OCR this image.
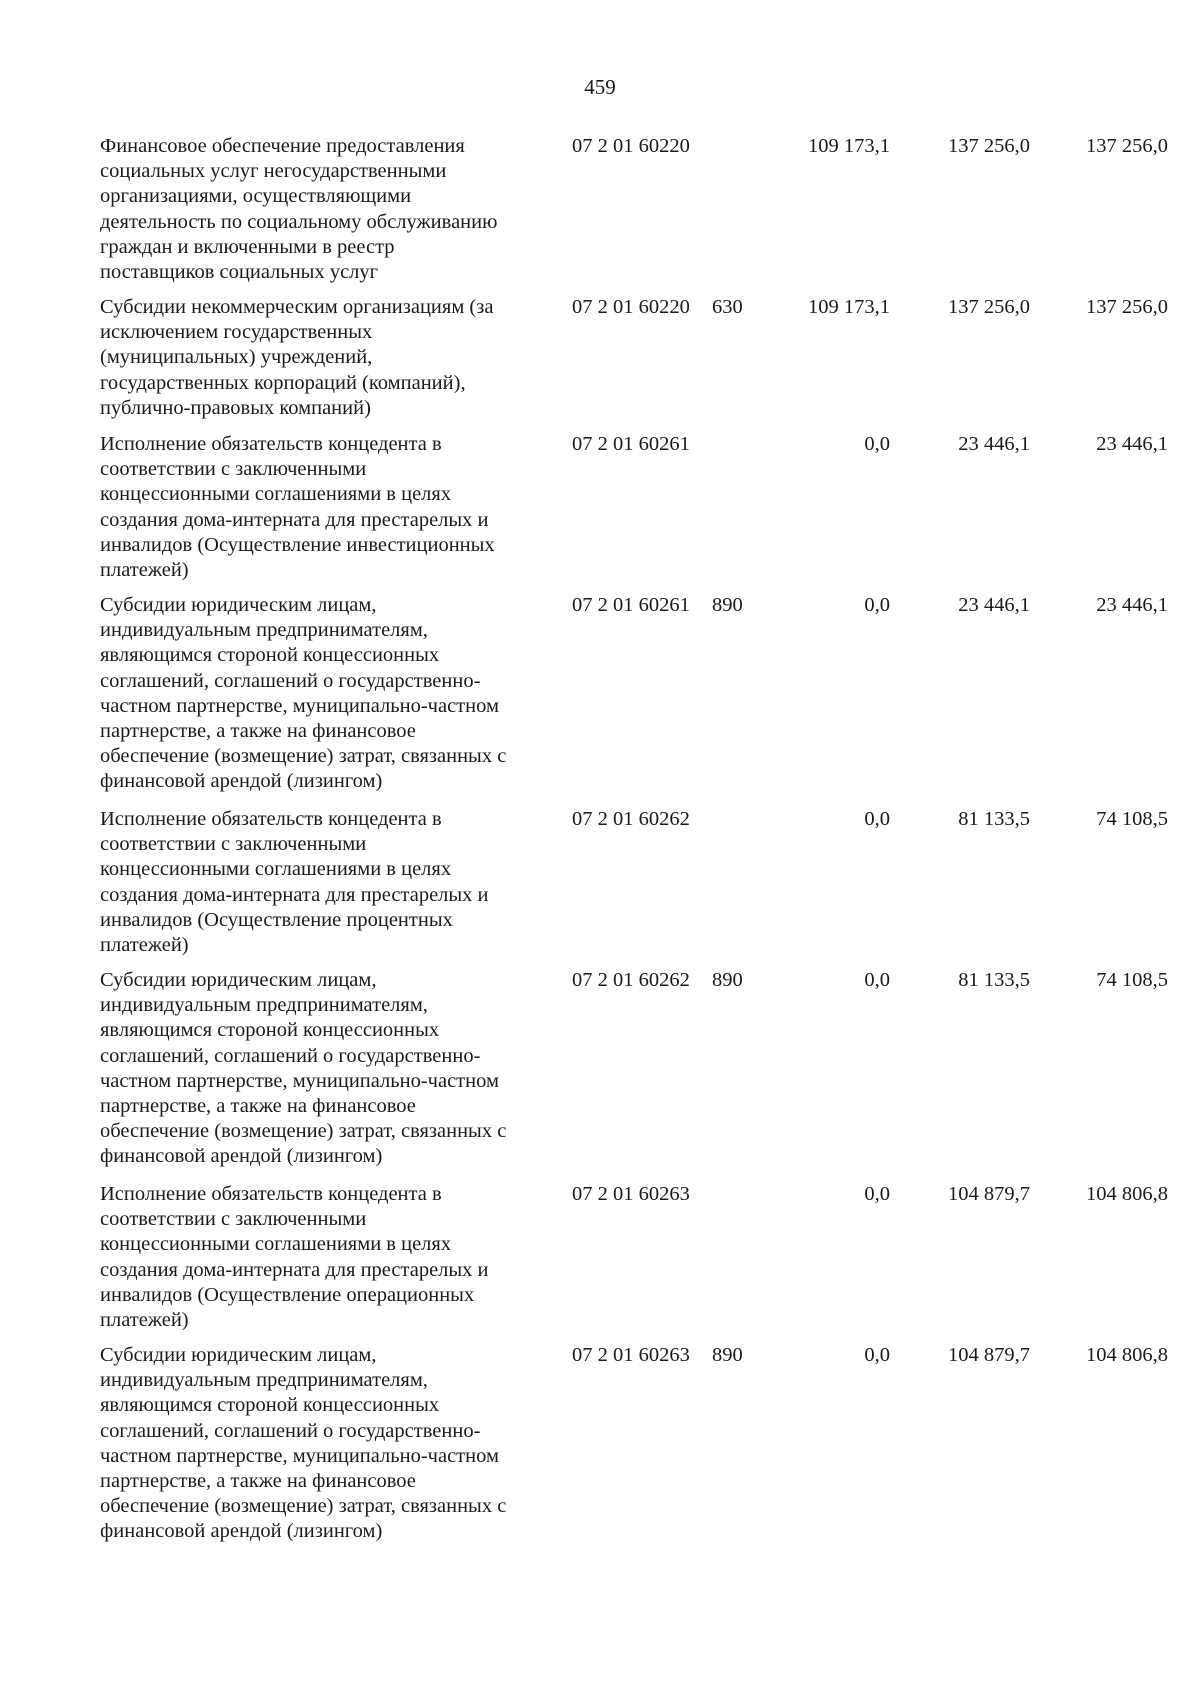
459
Финансовое обеспечение предоставления
социальных услуг негосударственными
организациями, осуществляющими
деятельность по социальному обслуживанию
граждан и включенными в реестр
поставщиков социальных услуг
07 2 01 60220	109 173,1	137 256,0	137 256,0
Субсидии некоммерческим организациям (за
исключением государственных
(муниципальных) учреждений,
государственных корпораций (компаний),
публично-правовых компаний)
07 2 01 60220 630	109 173,1	137 256,0	137 256,0
Исполнение обязательств концедента в
соответствии с заключенными
концессионными соглашениями в целях
создания дома-интерната для престарелых и
инвалидов (Осуществление инвестиционных
платежей)
07 2 01 60261	0,0	23 446,1	23 446,1
Субсидии юридическим лицам,
индивидуальным предпринимателям,
являющимся стороной концессионных
соглашений, соглашений о государственно-
частном партнерстве, муниципально-частном
партнерстве, а также на финансовое
обеспечение (возмещение) затрат, связанных с
финансовой арендой (лизингом)
07 2 01 60261 890	0,0	23 446,1	23 446,1
Исполнение обязательств концедента в
соответствии с заключенными
концессионными соглашениями в целях
создания дома-интерната для престарелых и
инвалидов (Осуществление процентных
платежей)
07 2 01 60262	0,0	81 133,5	74 108,5
Субсидии юридическим лицам,
индивидуальным предпринимателям,
являющимся стороной концессионных
соглашений, соглашений о государственно-
частном партнерстве, муниципально-частном
партнерстве, а также на финансовое
обеспечение (возмещение) затрат, связанных с
финансовой арендой (лизингом)
07 2 01 60262 890	0,0	81 133,5	74 108,5
Исполнение обязательств концедента в
соответствии с заключенными
концессионными соглашениями в целях
создания дома-интерната для престарелых и
инвалидов (Осуществление операционных
платежей)
07 2 01 60263	0,0	104 879,7	104 806,8
Субсидии юридическим лицам,
индивидуальным предпринимателям,
являющимся стороной концессионных
соглашений, соглашений о государственно-
частном партнерстве, муниципально-частном
партнерстве, а также на финансовое
обеспечение (возмещение) затрат, связанных с
финансовой арендой (лизингом)
07 2 01 60263 890	0,0	104 879,7	104 806,8
